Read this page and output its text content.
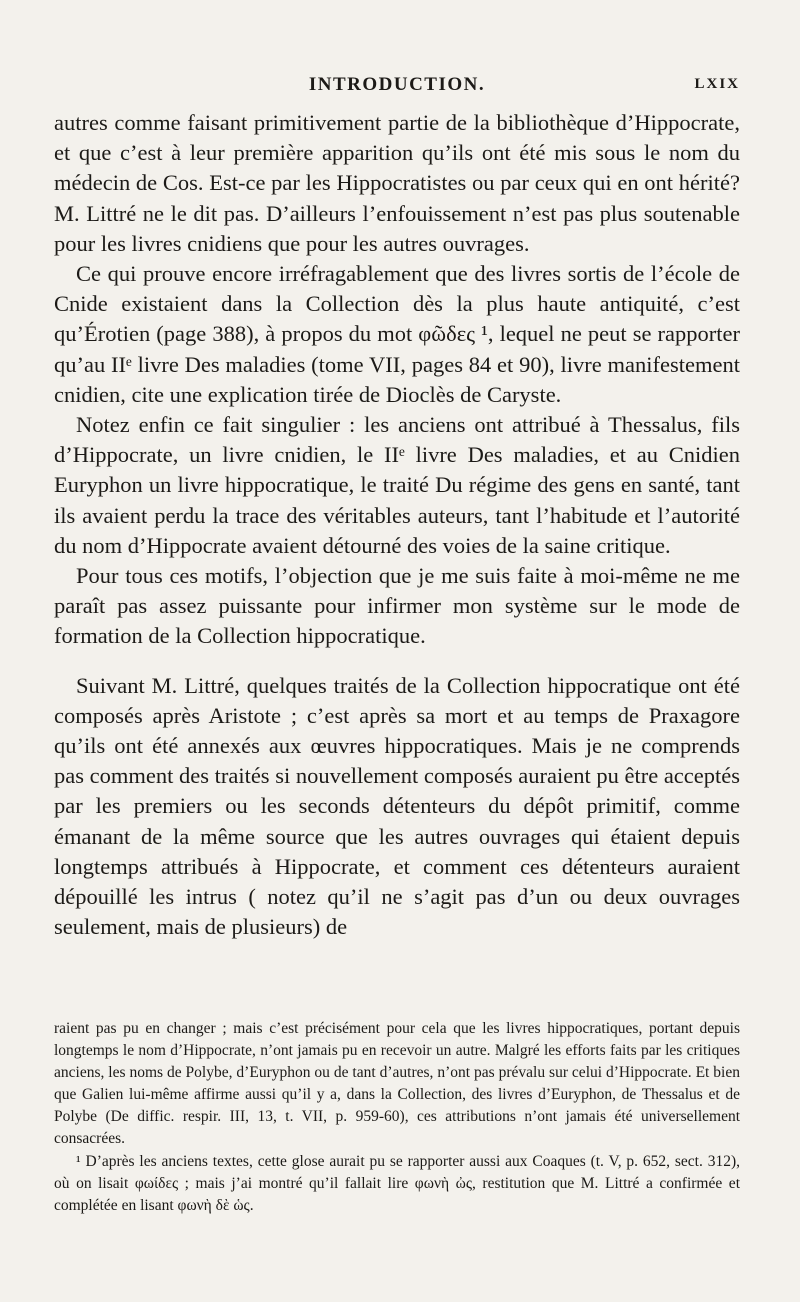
INTRODUCTION.	LXIX

autres comme faisant primitivement partie de la bibliothèque d’Hippocrate, et que c’est à leur première apparition qu’ils ont été mis sous le nom du médecin de Cos. Est-ce par les Hippocratistes ou par ceux qui en ont hérité? M. Littré ne le dit pas. D’ailleurs l’enfouissement n’est pas plus soutenable pour les livres cnidiens que pour les autres ouvrages.

Ce qui prouve encore irréfragablement que des livres sortis de l’école de Cnide existaient dans la Collection dès la plus haute antiquité, c’est qu’Érotien (page 388), à propos du mot φῶδες ¹, lequel ne peut se rapporter qu’au IIᵉ livre Des maladies (tome VII, pages 84 et 90), livre manifestement cnidien, cite une explication tirée de Dioclès de Caryste.

Notez enfin ce fait singulier : les anciens ont attribué à Thessalus, fils d’Hippocrate, un livre cnidien, le IIᵉ livre Des maladies, et au Cnidien Euryphon un livre hippocratique, le traité Du régime des gens en santé, tant ils avaient perdu la trace des véritables auteurs, tant l’habitude et l’autorité du nom d’Hippocrate avaient détourné des voies de la saine critique.

Pour tous ces motifs, l’objection que je me suis faite à moi-même ne me paraît pas assez puissante pour infirmer mon système sur le mode de formation de la Collection hippocratique.

Suivant M. Littré, quelques traités de la Collection hippocratique ont été composés après Aristote ; c’est après sa mort et au temps de Praxagore qu’ils ont été annexés aux œuvres hippocratiques. Mais je ne comprends pas comment des traités si nouvellement composés auraient pu être acceptés par les premiers ou les seconds détenteurs du dépôt primitif, comme émanant de la même source que les autres ouvrages qui étaient depuis longtemps attribués à Hippocrate, et comment ces détenteurs auraient dépouillé les intrus ( notez qu’il ne s’agit pas d’un ou deux ouvrages seulement, mais de plusieurs) de

raient pas pu en changer ; mais c’est précisément pour cela que les livres hippocratiques, portant depuis longtemps le nom d’Hippocrate, n’ont jamais pu en recevoir un autre. Malgré les efforts faits par les critiques anciens, les noms de Polybe, d’Euryphon ou de tant d’autres, n’ont pas prévalu sur celui d’Hippocrate. Et bien que Galien lui-même affirme aussi qu’il y a, dans la Collection, des livres d’Euryphon, de Thessalus et de Polybe (De diffic. respir. III, 13, t. VII, p. 959-60), ces attributions n’ont jamais été universellement consacrées.

¹ D’après les anciens textes, cette glose aurait pu se rapporter aussi aux Coaques (t. V, p. 652, sect. 312), où on lisait φωίδες ; mais j’ai montré qu’il fallait lire φωνὴ ὠς, restitution que M. Littré a confirmée et complétée en lisant φωνὴ δὲ ὡς.
